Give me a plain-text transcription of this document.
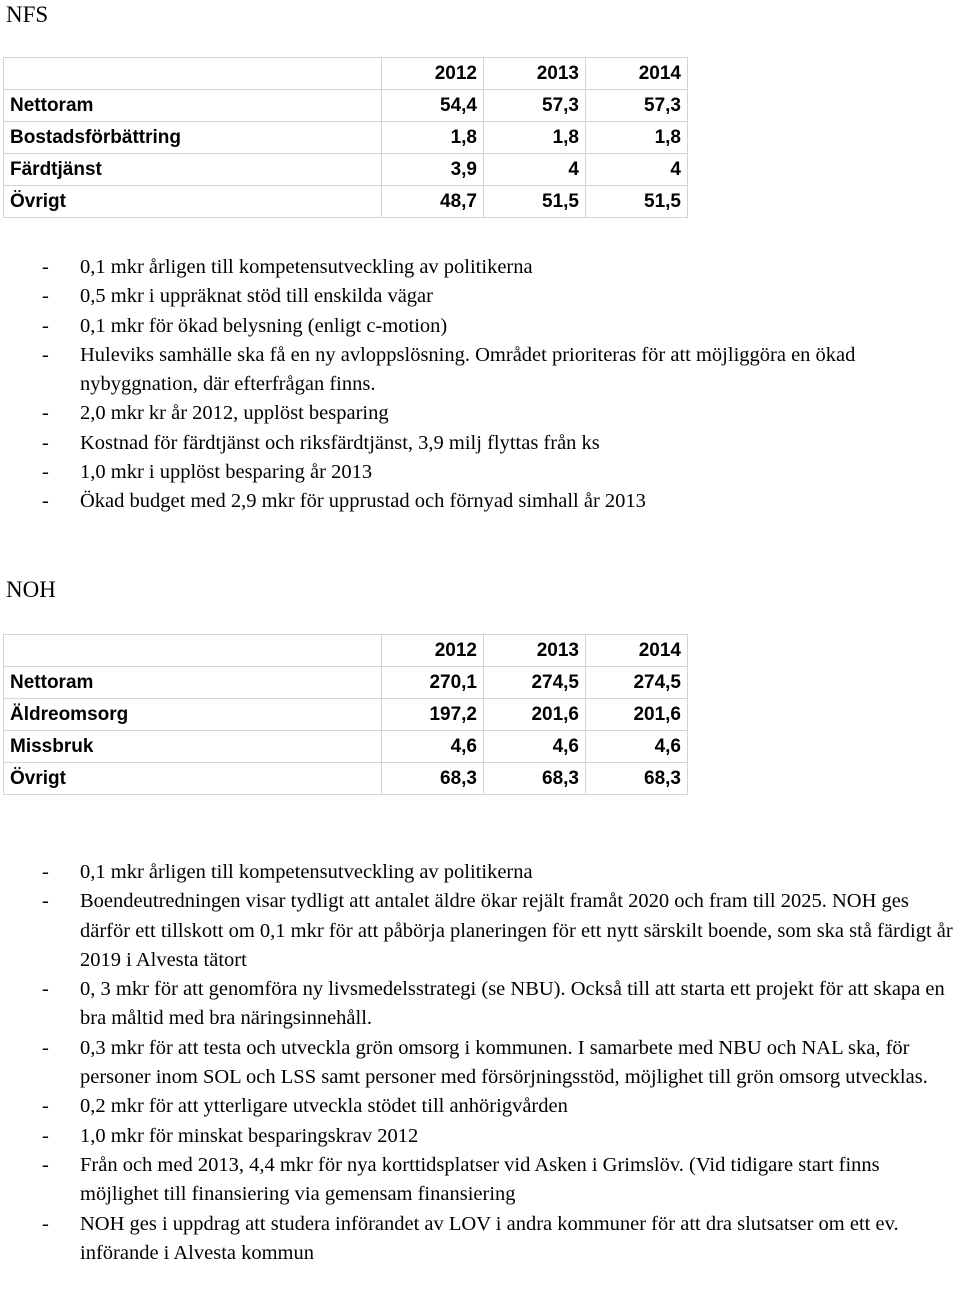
NFS
	2012	2013	2014
Nettoram	54,4	57,3	57,3
Bostadsförbättring	1,8	1,8	1,8
Färdtjänst	3,9	4	4
Övrigt	48,7	51,5	51,5
- 0,1 mkr årligen till kompetensutveckling av politikerna
- 0,5 mkr i uppräknat stöd till enskilda vägar
- 0,1 mkr för ökad belysning (enligt c-motion)
- Huleviks samhälle ska få en ny avloppslösning. Området prioriteras för att möjliggöra en ökad nybyggnation, där efterfrågan finns.
- 2,0 mkr kr år 2012, upplöst besparing
- Kostnad för färdtjänst och riksfärdtjänst, 3,9 milj flyttas från ks
- 1,0 mkr i upplöst besparing år 2013
- Ökad budget med 2,9 mkr för upprustad och förnyad simhall år 2013
NOH
	2012	2013	2014
Nettoram	270,1	274,5	274,5
Äldreomsorg	197,2	201,6	201,6
Missbruk	4,6	4,6	4,6
Övrigt	68,3	68,3	68,3
- 0,1 mkr årligen till kompetensutveckling av politikerna
- Boendeutredningen visar tydligt att antalet äldre ökar rejält framåt 2020 och fram till 2025. NOH ges därför ett tillskott om 0,1 mkr för att påbörja planeringen för ett nytt särskilt boende, som ska stå färdigt år 2019 i Alvesta tätort
- 0, 3 mkr för att genomföra ny livsmedelsstrategi (se NBU). Också till att starta ett projekt för att skapa en bra måltid med bra näringsinnehåll.
- 0,3 mkr för att testa och utveckla grön omsorg i kommunen. I samarbete med NBU och NAL ska, för personer inom SOL och LSS samt personer med försörjningsstöd, möjlighet till grön omsorg utvecklas.
- 0,2 mkr för att ytterligare utveckla stödet till anhörigvården
- 1,0 mkr för minskat besparingskrav 2012
- Från och med 2013, 4,4 mkr för nya korttidsplatser vid Asken i Grimslöv. (Vid tidigare start finns möjlighet till finansiering via gemensam finansiering
- NOH ges i uppdrag att studera införandet av LOV i andra kommuner för att dra slutsatser om ett ev. införande i Alvesta kommun
